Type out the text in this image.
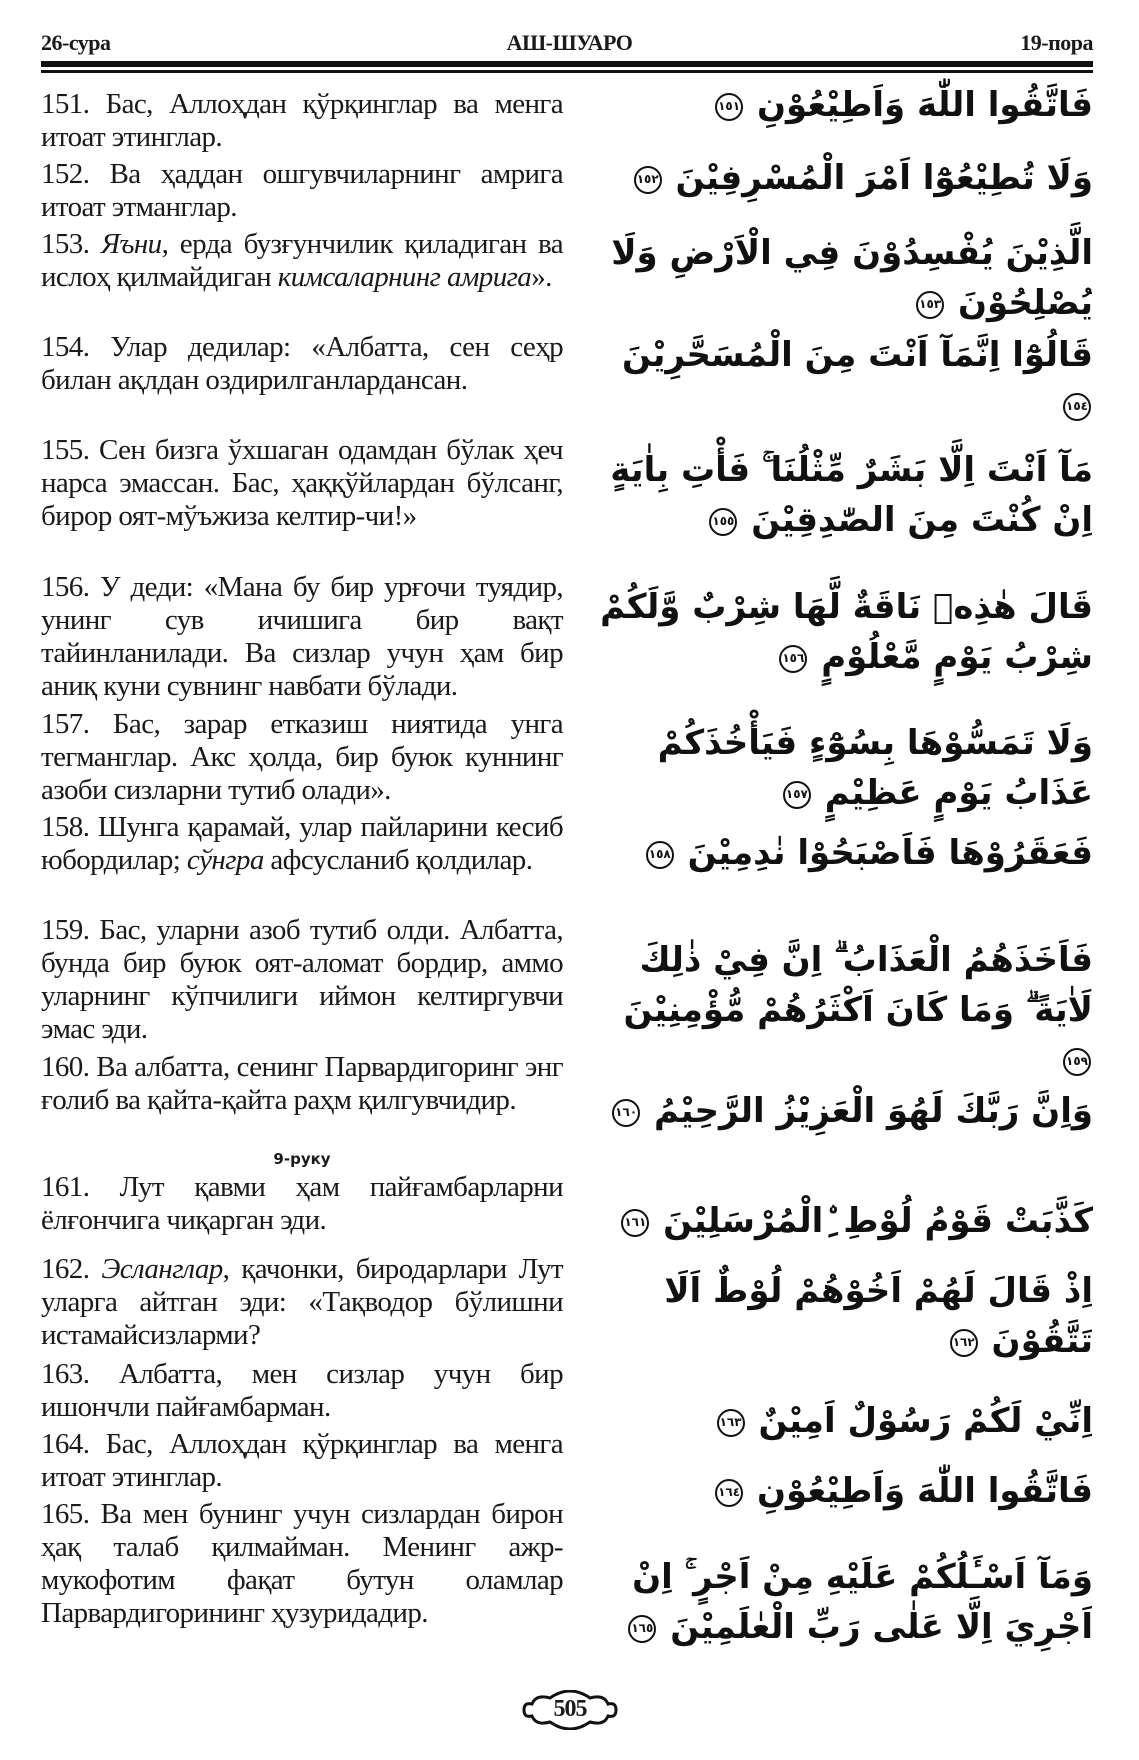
26-сура	АШ-ШУАРО	19-пора
151. Бас, Аллоҳдан қўрқинглар ва менга итоат этинглар.
152. Ва ҳаддан ошгувчиларнинг амрига итоат этманглар.
153. Яъни, ерда бузғунчилик қиладиган ва ислоҳ қилмайдиган кимсаларнинг амрига».
154. Улар дедилар: «Албатта, сен сеҳр билан ақлдан оздирилганлардансан.
155. Сен бизга ўхшаган одамдан бўлак ҳеч нарса эмассан. Бас, ҳаққўйлардан бўлсанг, бирор оят-мўъжиза келтир-чи!»
156. У деди: «Мана бу бир урғочи туядир, унинг сув ичишига бир вақт тайинланилади. Ва сизлар учун ҳам бир аниқ куни сувнинг навбати бўлади.
157. Бас, зарар етказиш ниятида унга тегманглар. Акс ҳолда, бир буюк куннинг азоби сизларни тутиб олади».
158. Шунга қарамай, улар пайларини кесиб юбордилар; сўнгра афсусланиб қолдилар.
159. Бас, уларни азоб тутиб олди. Албатта, бунда бир буюк оят-аломат бордир, аммо уларнинг кўпчилиги иймон келтиргувчи эмас эди.
160. Ва албатта, сенинг Парвардигоринг энг ғолиб ва қайта-қайта раҳм қилгувчидир.
9-руку
161. Лут қавми ҳам пайғамбарларни ёлғончига чиқарган эди.
162. Эсланглар, қачонки, биродарлари Лут уларга айтган эди: «Тақводор бўлишни истамайсизларми?
163. Албатта, мен сизлар учун бир ишончли пайғамбарман.
164. Бас, Аллоҳдан қўрқинглар ва менга итоат этинглар.
165. Ва мен бунинг учун сизлардан бирон ҳақ талаб қилмайман. Менинг ажр-мукофотим фақат бутун оламлар Парвардигорининг ҳузуридадир.
فَاتَّقُوا اللّٰهَ وَاَطِيْعُوْنِ ١٥١
وَلَا تُطِيْعُوْٓا اَمْرَ الْمُسْرِفِيْنَ ١٥٢
الَّذِيْنَ يُفْسِدُوْنَ فِي الْاَرْضِ وَلَا يُصْلِحُوْنَ ١٥٣
قَالُوْٓا اِنَّمَآ اَنْتَ مِنَ الْمُسَحَّرِيْنَ ١٥٤
مَآ اَنْتَ اِلَّا بَشَرٌ مِّثْلُنَا ۚ فَأْتِ بِاٰيَةٍ اِنْ كُنْتَ مِنَ الصّٰدِقِيْنَ ١٥٥
قَالَ هٰذِهٖ نَاقَةٌ لَّهَا شِرْبٌ وَّلَكُمْ شِرْبُ يَوْمٍ مَّعْلُوْمٍ ١٥٦
وَلَا تَمَسُّوْهَا بِسُوْٓءٍ فَيَأْخُذَكُمْ عَذَابُ يَوْمٍ عَظِيْمٍ ١٥٧
فَعَقَرُوْهَا فَاَصْبَحُوْا نٰدِمِيْنَ ١٥٨
فَاَخَذَهُمُ الْعَذَابُ ۗ اِنَّ فِيْ ذٰلِكَ لَاٰيَةً ۗ وَمَا كَانَ اَكْثَرُهُمْ مُّؤْمِنِيْنَ ١٥٩
وَاِنَّ رَبَّكَ لَهُوَ الْعَزِيْزُ الرَّحِيْمُ ١٦٠
كَذَّبَتْ قَوْمُ لُوْطِ ِۨالْمُرْسَلِيْنَ ١٦١
اِذْ قَالَ لَهُمْ اَخُوْهُمْ لُوْطٌ اَلَا تَتَّقُوْنَ ١٦٢
اِنِّيْ لَكُمْ رَسُوْلٌ اَمِيْنٌ ١٦٣
فَاتَّقُوا اللّٰهَ وَاَطِيْعُوْنِ ١٦٤
وَمَآ اَسْـَٔلُكُمْ عَلَيْهِ مِنْ اَجْرٍ ۚ اِنْ اَجْرِيَ اِلَّا عَلٰى رَبِّ الْعٰلَمِيْنَ ١٦٥
505
